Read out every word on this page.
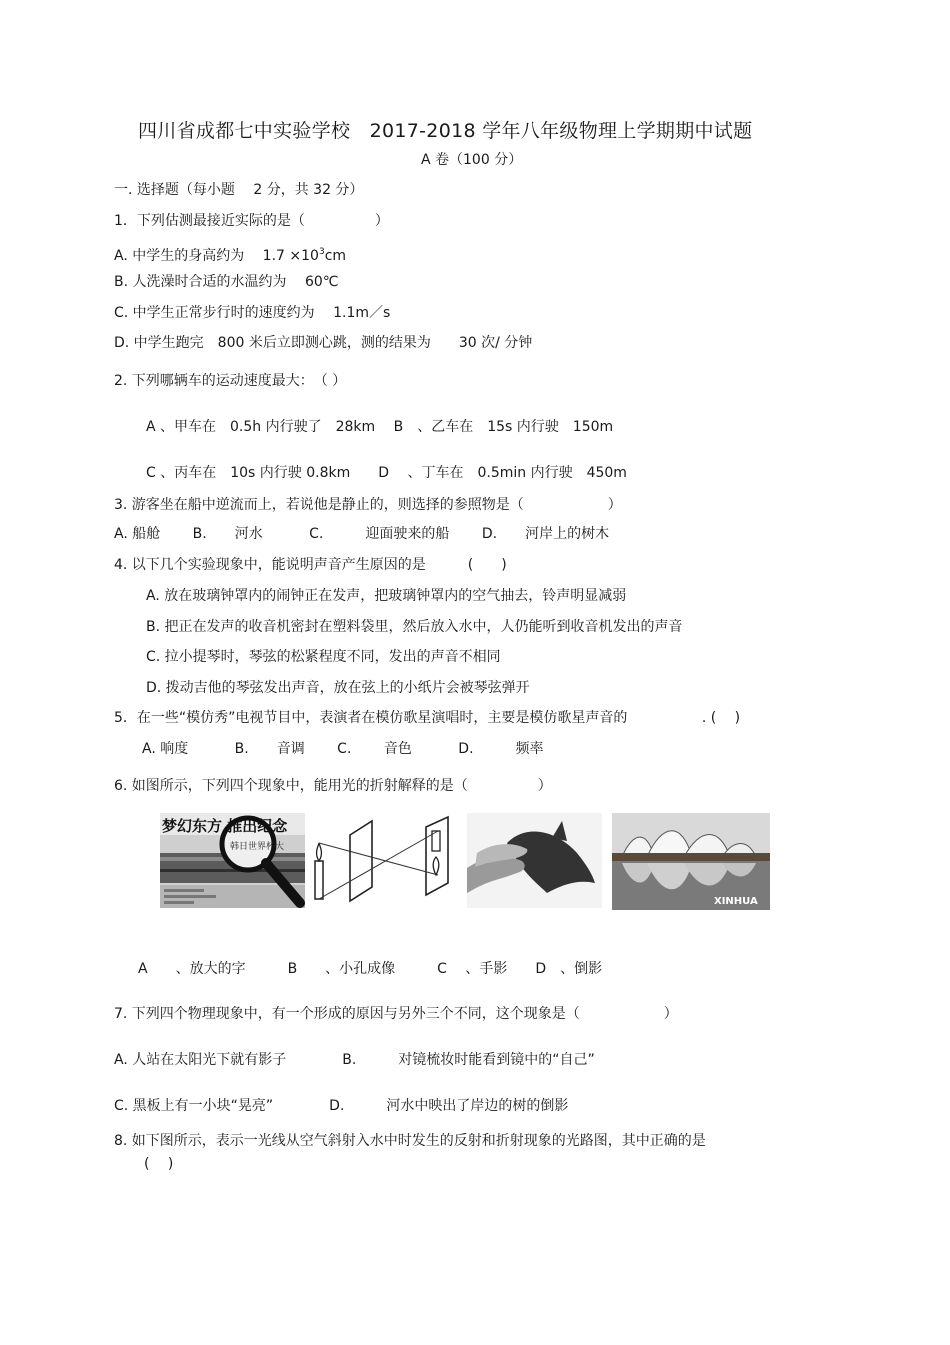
四川省成都七中实验学校　2017-2018 学年八年级物理上学期期中试题
A 卷（100 分）
一. 选择题（每小题　 2 分，共 32 分）
1．下列估测最接近实际的是（　　　　　）
A. 中学生的身高约为　 $1.7 \times 10^3cm$
B. 人洗澡时合适的水温约为　 60℃
C. 中学生正常步行时的速度约为　 1.1m／s
D. 中学生跑完　800 米后立即测心跳，测的结果为　　30 次/ 分钟
2. 下列哪辆车的运动速度最大：　（ ）
A 、甲车在　0.5h 内行驶了　28km　 B　、乙车在　15s 内行驶　150m
C 、丙车在　10s 内行驶 0.8km　　D　 、丁车在　0.5min 内行驶　450m
3. 游客坐在船中逆流而上，若说他是静止的，则选择的参照物是（　　　　　　）
A. 船舱　　 B.　　河水　　　 C.　　　迎面驶来的船　　 D.　　河岸上的树木
4. 以下几个实验现象中，能说明声音产生原因的是　　　(　　)
A. 放在玻璃钟罩内的闹钟正在发声，把玻璃钟罩内的空气抽去，铃声明显减弱
B. 把正在发声的收音机密封在塑料袋里，然后放入水中，人仍能听到收音机发出的声音
C. 拉小提琴时，琴弦的松紧程度不同，发出的声音不相同
D. 拨动吉他的琴弦发出声音，放在弦上的小纸片会被琴弦弹开
5．在一些“模仿秀”电视节目中，表演者在模仿歌星演唱时，主要是模仿歌星声音的　　　　　 . (　 )
A. 响度　　　 B.　　音调　　 C.　　 音色　　　 D.　　　频率
6. 如图所示，下列四个现象中，能用光的折射解释的是（　　　　　）
梦幻东方 推出纪念
韩日世界杯大
XINHUA
A　　、放大的字　　　B　　、小孔成像　　　C　 、手影　　D　、倒影
7. 下列四个物理现象中，有一个形成的原因与另外三个不同，这个现象是（　　　　　　）
A. 人站在太阳光下就有影子　　　　B.　　　对镜梳妆时能看到镜中的“自己”
C. 黑板上有一小块“晃亮”　　　　D.　　　河水中映出了岸边的树的倒影
8. 如下图所示，表示一光线从空气斜射入水中时发生的反射和折射现象的光路图，其中正确的是
(　 )
